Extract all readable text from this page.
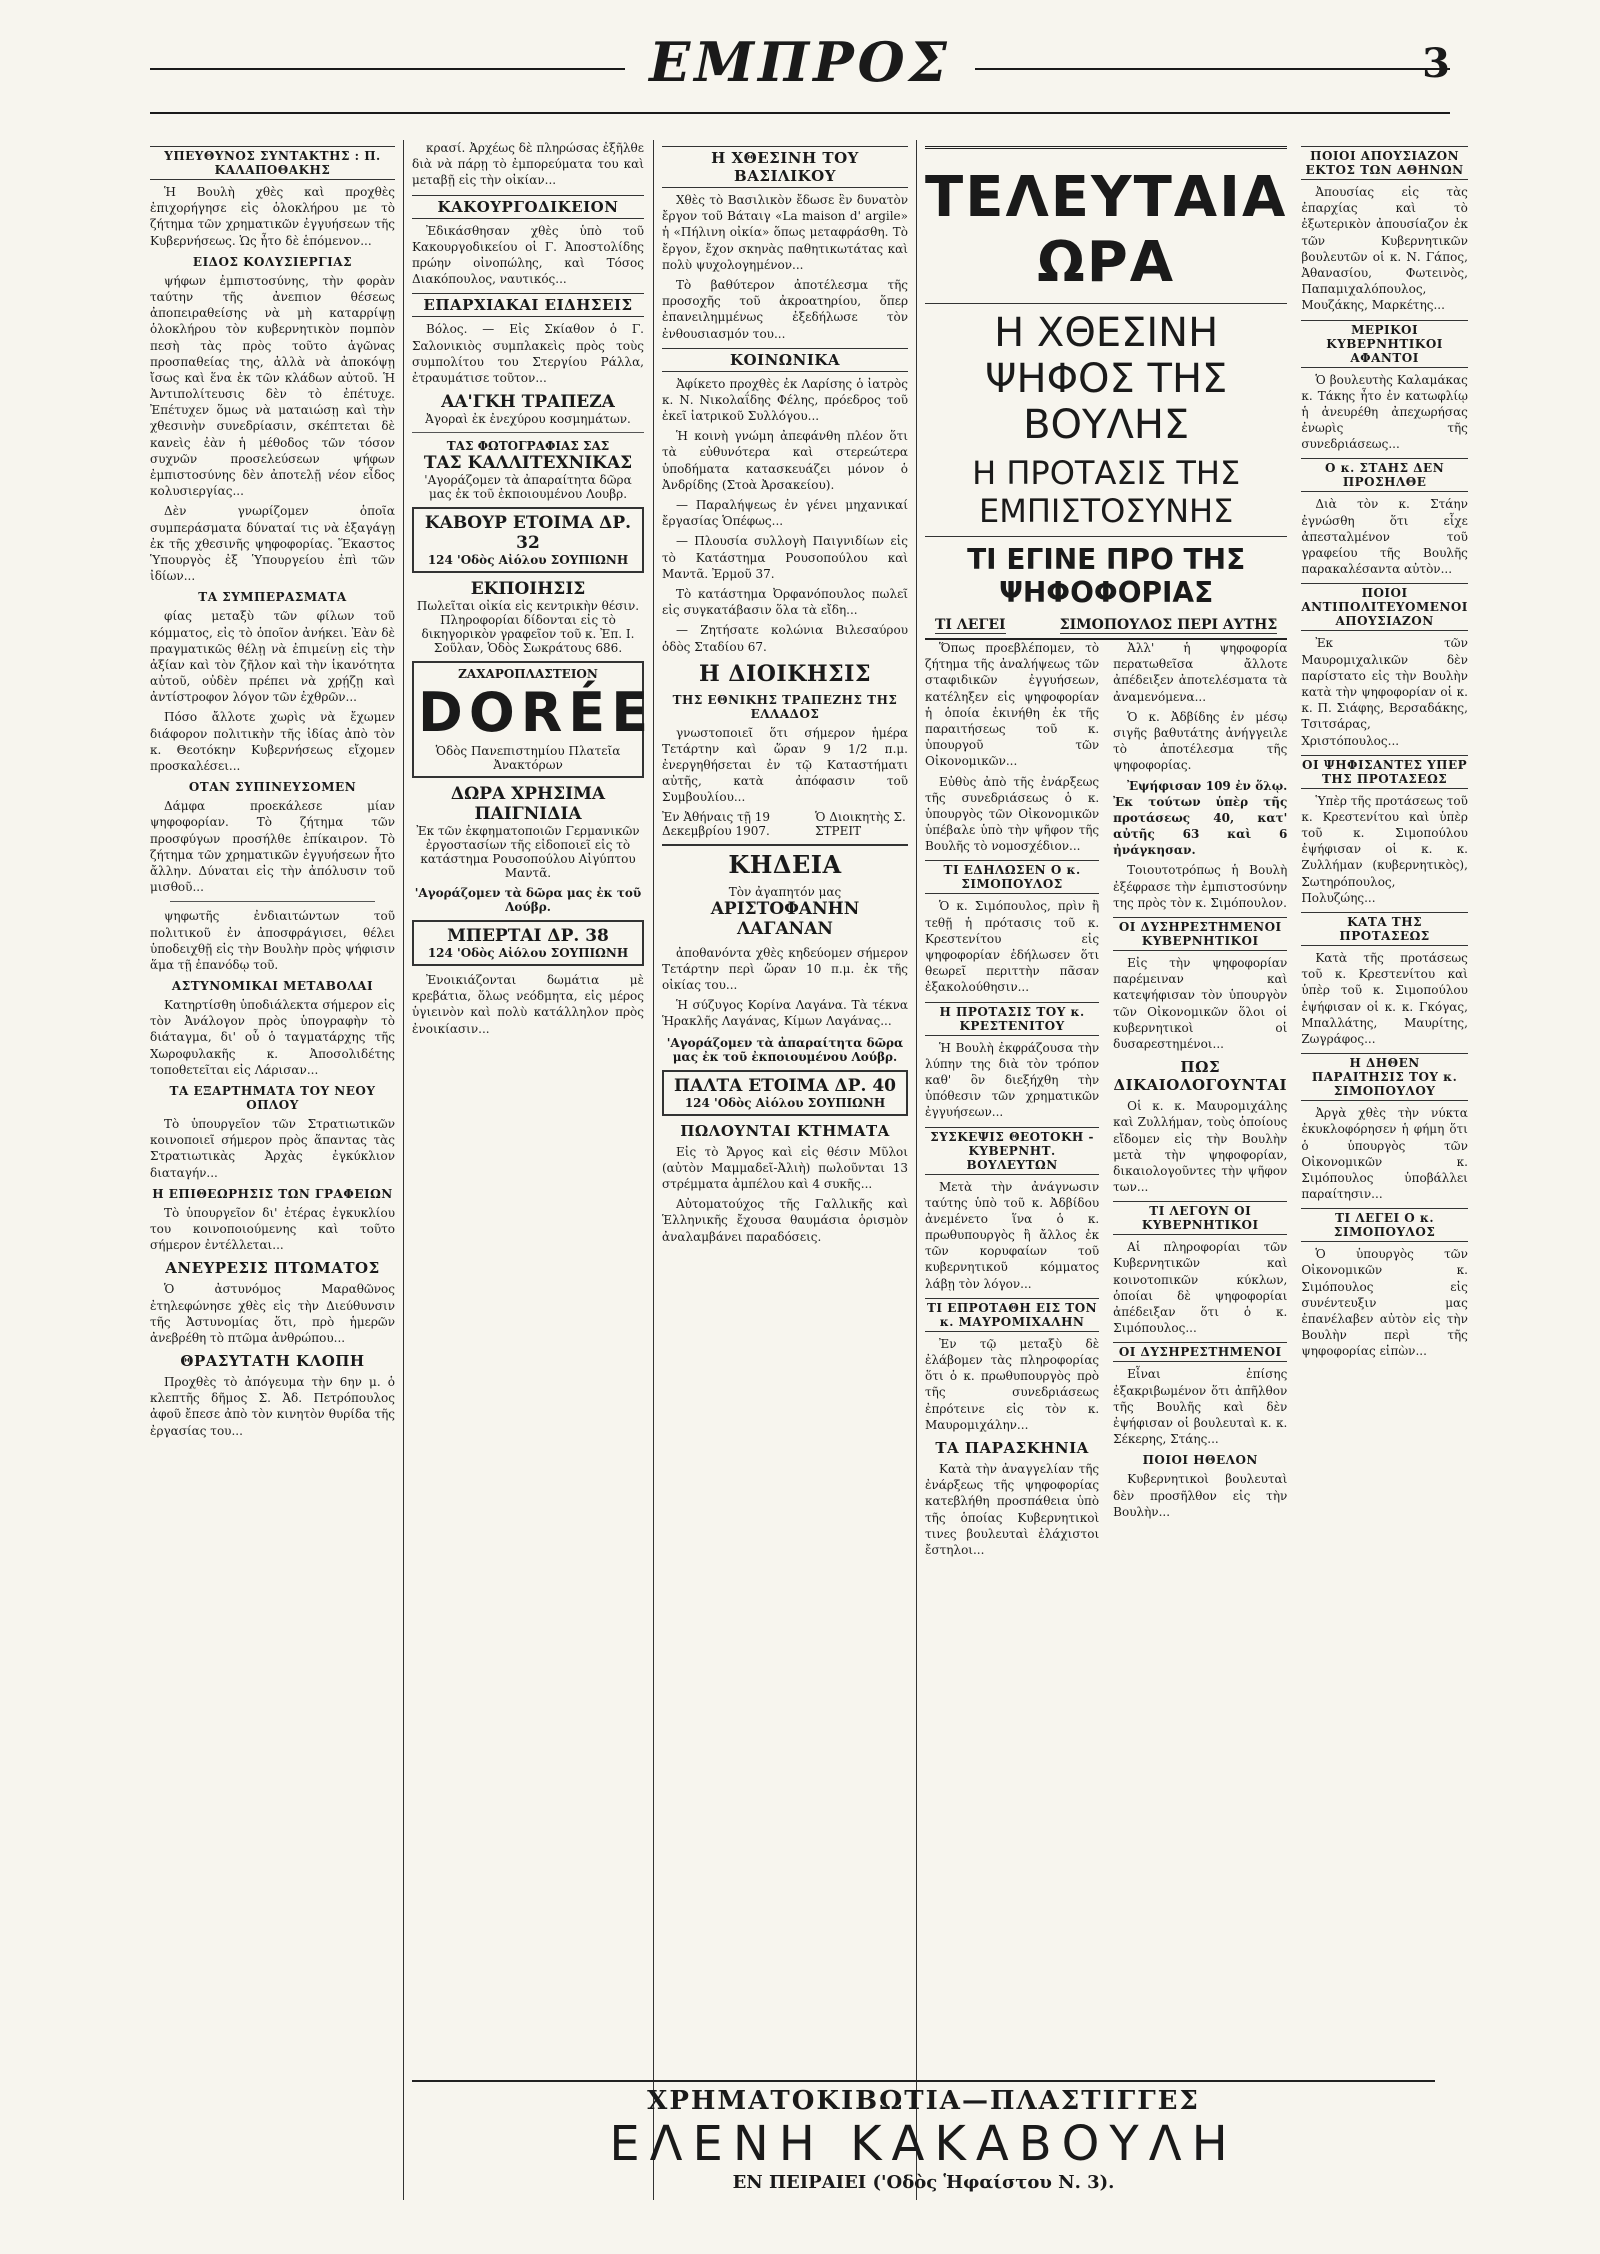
ΕΜΠΡΟΣ	3
ΥΠΕΥΘΥΝΟΣ ΣΥΝΤΑΚΤΗΣ : Π. ΚΑΛΑΠΟΘΑΚΗΣ

Ἡ Βουλὴ χθὲς καὶ προχθὲς ἐπιχορήγησε εἰς ὁλοκλήρου με τὸ ζήτημα τῶν χρηματικῶν ἐγγυήσεων τῆς Κυβερνήσεως. Ὡς ἦτο δὲ ἑπόμενον...

ΕΙΔΟΣ ΚΟΛΥΣΙΕΡΓΙΑΣ

ψήφων ἐμπιστοσύνης, τὴν φορὰν ταύτην τῆς ἀνεπιον θέσεως ἀποπειραθείσης νὰ μὴ καταρρίψῃ ὁλοκλήρου τὸν κυβερνητικὸν πομπὸν πεσὴ τὰς πρὸς τοῦτο ἀγῶνας προσπαθείας της, ἀλλὰ νὰ ἀποκόψῃ ἴσως καὶ ἕνα ἐκ τῶν κλάδων αὐτοῦ. Ἡ Ἀντιπολίτευσις δὲν τὸ ἐπέτυχε. Ἐπέτυχεν ὅμως νὰ ματαιώσῃ καὶ τὴν χθεσινὴν συνεδρίασιν, σκέπτεται δὲ κανεὶς ἐὰν ἡ μέθοδος τῶν τόσον συχνῶν προσελεύσεων ψήφων ἐμπιστοσύνης δὲν ἀποτελῇ νέον εἶδος κολυσιεργίας...

Δὲν γνωρίζομεν ὁποῖα συμπεράσματα δύναταί τις νὰ ἐξαγάγῃ ἐκ τῆς χθεσινῆς ψηφοφορίας. Ἕκαστος Ὑπουργὸς ἐξ Ὑπουργείου ἐπὶ τῶν ἰδίων...

ΤΑ ΣΥΜΠΕΡΑΣΜΑΤΑ

φίας μεταξὺ τῶν φίλων τοῦ κόμματος, εἰς τὸ ὁποῖον ἀνήκει. Ἐὰν δὲ πραγματικῶς θέλῃ νὰ ἐπιμείνῃ εἰς τὴν ἀξίαν καὶ τὸν ζῆλον καὶ τὴν ἱκανότητα αὐτοῦ, οὐδὲν πρέπει νὰ χρῄζῃ καὶ ἀντίστροφον λόγον τῶν ἐχθρῶν...

Πόσο ἄλλοτε χωρὶς νὰ ἔχωμεν διάφορον πολιτικὴν τῆς ἰδίας ἀπὸ τὸν κ. Θεοτόκην Κυβερνήσεως εἴχομεν προσκαλέσει...

ΟΤΑΝ ΣΥΠΙΝΕΥΣΟΜΕΝ

Δάμφα προεκάλεσε μίαν ψηφοφορίαν. Τὸ ζήτημα τῶν προσφύγων προσήλθε ἐπίκαιρον. Τὸ ζήτημα τῶν χρηματικῶν ἐγγυήσεων ἦτο ἄλλην. Δύναται εἰς τὴν ἀπόλυσιν τοῦ μισθοῦ...

ψηφωτῆς ἐνδιαιτώντων τοῦ πολιτικοῦ ἐν ἀποσφράγισει, θέλει ὑποδειχθῇ εἰς τὴν Βουλὴν πρὸς ψήφισιν ἅμα τῇ ἐπανόδῳ τοῦ.

ΑΣΤΥΝΟΜΙΚΑΙ ΜΕΤΑΒΟΛΑΙ

Κατηρτίσθη ὑποδιάλεκτα σήμερον εἰς τὸν Ἀνάλογον πρὸς ὑπογραφὴν τὸ διάταγμα, δι' οὗ ὁ ταγματάρχης τῆς Χωροφυλακῆς κ. Ἀποσολιδέτης τοποθετεῖται εἰς Λάρισαν...

ΤΑ ΕΞΑΡΤΗΜΑΤΑ ΤΟΥ ΝΕΟΥ ΟΠΛΟΥ

Τὸ ὑπουργεῖον τῶν Στρατιωτικῶν κοινοποιεῖ σήμερον πρὸς ἅπαντας τὰς Στρατιωτικὰς Ἀρχὰς ἐγκύκλιον διαταγήν...

Η ΕΠΙΘΕΩΡΗΣΙΣ ΤΩΝ ΓΡΑΦΕΙΩΝ

Τὸ ὑπουργεῖον δι' ἐτέρας ἐγκυκλίου του κοινοποιούμενης καὶ τοῦτο σήμερον ἐντέλλεται...

ΑΝΕΥΡΕΣΙΣ ΠΤΩΜΑΤΟΣ

Ὁ ἀστυνόμος Μαραθῶνος ἐτηλεφώνησε χθὲς εἰς τὴν Διεύθυνσιν τῆς Ἀστυνομίας ὅτι, πρὸ ἡμερῶν ἀνεβρέθη τὸ πτῶμα ἀνθρώπου...

ΘΡΑΣΥΤΑΤΗ ΚΛΟΠΗ

Προχθὲς τὸ ἀπόγευμα τὴν 6ην μ. ὁ κλεπτῆς δῆμος Σ. Ἀδ. Πετρόπουλος ἀφοῦ ἔπεσε ἀπὸ τὸν κινητὸν θυρίδα τῆς ἐργασίας του...

κρασί. Ἀρχέως δὲ πληρώσας ἐξῆλθε διὰ νὰ πάρῃ τὸ ἐμπορεύματα του καὶ μεταβῇ εἰς τὴν οἰκίαν...

ΚΑΚΟΥΡΓΟΔΙΚΕΙΟΝ

Ἐδικάσθησαν χθὲς ὑπὸ τοῦ Κακουργοδικείου οἱ Γ. Ἀποστολίδης πρώην οἰνοπώλης, καὶ Τόσος Διακόπουλος, ναυτικός...

ΕΠΑΡΧΙΑΚΑΙ ΕΙΔΗΣΕΙΣ

Βόλος. — Εἰς Σκίαθον ὁ Γ. Σαλονικιὸς συμπλακεὶς πρὸς τοὺς συμπολίτου του Στεργίου Ράλλα, ἐτραυμάτισε τοῦτον...

ΑΑ'ΓΚΗ ΤΡΑΠΕΖΑ
Ἀγοραὶ ἐκ ἐνεχύρου κοσμημάτων.
ΤΑΣ ΦΩΤΟΓΡΑΦΙΑΣ ΣΑΣ
ΤΑΣ ΚΑΛΛΙΤΕΧΝΙΚΑΣ
'Αγοράζομεν τὰ ἀπαραίτητα δῶρα μας ἐκ τοῦ ἐκποιουμένου Λουβρ.
ΚΑΒΟΥΡ ΕΤΟΙΜΑ ΔΡ. 32
124 'Οδὸς Αἰόλου ΣΟΥΠΙΩΝΗ
ΕΚΠΟΙΗΣΙΣ
Πωλεῖται οἰκία εἰς κεντρικὴν θέσιν. Πληροφορίαι δίδονται εἰς τὸ δικηγορικὸν γραφεῖον τοῦ κ. Ἐπ. I. Σοῦλαν, Ὁδὸς Σωκράτους 686.
ΖΑΧΑΡΟΠΛΑΣΤΕΙΟΝ
DORÉE
Ὁδὸς Πανεπιστημίου Πλατεῖα Ἀνακτόρων
ΔΩΡΑ ΧΡΗΣΙΜΑ
ΠΑΙΓΝΙΔΙΑ
Ἐκ τῶν ἐκφηματοποιῶν Γερμανικῶν ἐργοστασίων τῆς εἰδοποιεῖ εἰς τὸ κατάστημα Ρουσοπούλου Αἰγύπτου Μαντᾶ.
'Αγοράζομεν τὰ δῶρα μας ἐκ τοῦ Λούβρ.
ΜΠΕΡΤΑΙ ΔΡ. 38
124 'Οδὸς Αἰόλου ΣΟΥΠΙΩΝΗ

Ἐνοικιάζονται δωμάτια μὲ κρεβάτια, ὅλως νεόδμητα, εἰς μέρος ὑγιεινὸν καὶ πολὺ κατάλληλον πρὸς ἐνοικίασιν...

Η ΧΘΕΣΙΝΗ ΤΟΥ ΒΑΣΙΛΙΚΟΥ

Χθὲς τὸ Βασιλικὸν ἔδωσε ἓν δυνατὸν ἔργον τοῦ Βάταιγ «La maison d' argile» ἡ «Πήλινη οἰκία» ὅπως μεταφράσθη. Τὸ ἔργον, ἔχον σκηνὰς παθητικωτάτας καὶ πολὺ ψυχολογημένον...

Τὸ βαθύτερον ἀποτέλεσμα τῆς προσοχῆς τοῦ ἀκροατηρίου, ὅπερ ἐπανειλημμένως ἐξεδήλωσε τὸν ἐνθουσιασμόν του...

ΚΟΙΝΩΝΙΚΑ

Ἀφίκετο προχθὲς ἐκ Λαρίσης ὁ ἰατρὸς κ. Ν. Νικολαΐδης Φέλης, πρόεδρος τοῦ ἐκεῖ ἰατρικοῦ Συλλόγου...

Ἡ κοινὴ γνώμη ἀπεφάνθη πλέον ὅτι τὰ εὐθυνότερα καὶ στερεώτερα ὑποδήματα κατασκευάζει μόνον ὁ Ἀνδρίδης (Στοὰ Ἀρσακείου).

— Παραλήψεως ἐν γένει μηχανικαί ἔργασίας Ὁπέφως...

— Πλουσία συλλογὴ Παιγνιδίων εἰς τὸ Κατάστημα Ρουσοπούλου καὶ Μαντᾶ. Ἐρμοῦ 37.

Τὸ κατάστημα Ὀρφανόπουλος πωλεῖ εἰς συγκατάβασιν ὅλα τὰ εἴδη...

— Ζητήσατε κολώνια Βιλεσαύρου ὁδὸς Σταδίου 67.

Η ΔΙΟΙΚΗΣΙΣ
ΤΗΣ ΕΘΝΙΚΗΣ ΤΡΑΠΕΖΗΣ ΤΗΣ ΕΛΛΑΔΟΣ

γνωστοποιεῖ ὅτι σήμερον ἡμέρα Τετάρτην καὶ ὥραν 9 1/2 π.μ. ἐνεργηθήσεται ἐν τῷ Καταστήματι αὐτῆς, κατὰ ἀπόφασιν τοῦ Συμβουλίου...

Ἐν Ἀθήναις τῇ 19 Δεκεμβρίου 1907.
Ὁ Διοικητὴς Σ. ΣΤΡΕΙΤ
ΚΗΔΕΙΑ
Τὸν ἀγαπητόν μας
ΑΡΙΣΤΟΦΑΝΗΝ ΛΑΓΑΝΑΝ

ἀποθανόντα χθὲς κηδεύομεν σήμερον Τετάρτην περὶ ὥραν 10 π.μ. ἐκ τῆς οἰκίας του...

Ἡ σύζυγος Κορίνα Λαγάνα. Τὰ τέκνα Ἡρακλῆς Λαγάνας, Κίμων Λαγάνας...

'Αγοράζομεν τὰ ἀπαραίτητα δῶρα μας ἐκ τοῦ ἐκποιουμένου Λούβρ.
ΠΑΛΤΑ ΕΤΟΙΜΑ ΔΡ. 40
124 'Οδὸς Αἰόλου ΣΟΥΠΙΩΝΗ
ΠΩΛΟΥΝΤΑΙ ΚΤΗΜΑΤΑ

Εἰς τὸ Ἄργος καὶ εἰς θέσιν Μῦλοι (αὐτὸν Μαμμαδεῖ-Ἀλιὴ) πωλοῦνται 13 στρέμματα ἀμπέλου καὶ 4 συκῆς...

Αὐτοματούχος τῆς Γαλλικῆς καὶ Ἑλληνικῆς ἔχουσα θαυμάσια ὁρισμὸν ἀναλαμβάνει παραδόσεις.

ΤΕΛΕΥΤΑΙΑ ΩΡΑ
Η ΧΘΕΣΙΝΗ ΨΗΦΟΣ ΤΗΣ ΒΟΥΛΗΣ
Η ΠΡΟΤΑΣΙΣ ΤΗΣ ΕΜΠΙΣΤΟΣΥΝΗΣ
ΤΙ ΕΓΙΝΕ ΠΡΟ ΤΗΣ ΨΗΦΟΦΟΡΙΑΣ
ΤΙ ΛΕΓΕΙ	ΣΙΜΟΠΟΥΛΟΣ ΠΕΡΙ ΑΥΤΗΣ

Ὅπως προεβλέπομεν, τὸ ζήτημα τῆς ἀναλήψεως τῶν σταφιδικῶν ἐγγυήσεων, κατέληξεν εἰς ψηφοφορίαν ἡ ὁποία ἐκινήθη ἐκ τῆς παραιτήσεως τοῦ κ. ὑπουργοῦ τῶν Οἰκονομικῶν...

Εὐθὺς ἀπὸ τῆς ἐνάρξεως τῆς συνεδριάσεως ὁ κ. ὑπουργὸς τῶν Οἰκονομικῶν ὑπέβαλε ὑπὸ τὴν ψῆφον τῆς Βουλῆς τὸ νομοσχέδιον...

ΤΙ ΕΔΗΛΩΣΕΝ Ο κ. ΣΙΜΟΠΟΥΛΟΣ

Ὁ κ. Σιμόπουλος, πρὶν ἢ τεθῇ ἡ πρότασις τοῦ κ. Κρεστενίτου εἰς ψηφοφορίαν ἐδήλωσεν ὅτι θεωρεῖ περιττὴν πᾶσαν ἐξακολούθησιν...

Η ΠΡΟΤΑΣΙΣ ΤΟΥ κ. ΚΡΕΣΤΕΝΙΤΟΥ

Ἡ Βουλὴ ἐκφράζουσα τὴν λύπην της διὰ τὸν τρόπον καθ' ὃν διεξήχθη τὴν ὑπόθεσιν τῶν χρηματικῶν ἐγγυήσεων...

ΣΥΣΚΕΨΙΣ ΘΕΟΤΟΚΗ - ΚΥΒΕΡΝΗΤ. ΒΟΥΛΕΥΤΩΝ

Μετὰ τὴν ἀνάγνωσιν ταύτης ὑπὸ τοῦ κ. Ἀδβίδου ἀνεμένετο ἵνα ὁ κ. πρωθυπουργὸς ἢ ἄλλος ἐκ τῶν κορυφαίων τοῦ κυβερνητικοῦ κόμματος λάβῃ τὸν λόγον...

ΤΙ ΕΠΡΟΤΑΘΗ ΕΙΣ ΤΟΝ κ. ΜΑΥΡΟΜΙΧΑΛΗΝ

Ἐν τῷ μεταξὺ δὲ ἐλάβομεν τὰς πληροφορίας ὅτι ὁ κ. πρωθυπουργὸς πρὸ τῆς συνεδριάσεως ἐπρότεινε εἰς τὸν κ. Μαυρομιχάλην...

ΤΑ ΠΑΡΑΣΚΗΝΙΑ

Κατὰ τὴν ἀναγγελίαν τῆς ἐνάρξεως τῆς ψηφοφορίας κατεβλήθη προσπάθεια ὑπὸ τῆς ὁποίας Κυβερνητικοὶ τινες βουλευταὶ ἐλάχιστοι ἔστηλοι...

Ἀλλ' ἡ ψηφοφορία περατωθεῖσα ἄλλοτε ἀπέδειξεν ἀποτελέσματα τὰ ἀναμενόμενα...

Ὁ κ. Ἀδβίδης ἐν μέσῳ σιγῆς βαθυτάτης ἀνήγγειλε τὸ ἀποτέλεσμα τῆς ψηφοφορίας.

Ἐψήφισαν 109 ἐν ὅλῳ. Ἐκ τούτων ὑπὲρ τῆς προτάσεως 40, κατ' αὐτῆς 63 καὶ 6 ἠνάγκησαν.

Τοιουτοτρόπως ἡ Βουλὴ ἐξέφρασε τὴν ἐμπιστοσύνην της πρὸς τὸν κ. Σιμόπουλον.

ΟΙ ΔΥΣΗΡΕΣΤΗΜΕΝΟΙ ΚΥΒΕΡΝΗΤΙΚΟΙ

Εἰς τὴν ψηφοφορίαν παρέμειναν καὶ κατεψήφισαν τὸν ὑπουργὸν τῶν Οἰκονομικῶν ὅλοι οἱ κυβερνητικοὶ οἱ δυσαρεστημένοι...

ΠΩΣ ΔΙΚΑΙΟΛΟΓΟΥΝΤΑΙ

Οἱ κ. κ. Μαυρομιχάλης καὶ Ζυλλήμαν, τοὺς ὁποίους εἴδομεν εἰς τὴν Βουλὴν μετὰ τὴν ψηφοφορίαν, δικαιολογοῦντες τὴν ψῆφον των...

ΤΙ ΛΕΓΟΥΝ ΟΙ ΚΥΒΕΡΝΗΤΙΚΟΙ

Αἱ πληροφορίαι τῶν Κυβερνητικῶν καὶ κοινοτοπικῶν κύκλων, ὁποίαι δὲ ψηφοφορίαι ἀπέδειξαν ὅτι ὁ κ. Σιμόπουλος...

ΟΙ ΔΥΣΗΡΕΣΤΗΜΕΝΟΙ

Εἶναι ἐπίσης ἐξακριβωμένον ὅτι ἀπῆλθον τῆς Βουλῆς καὶ δὲν ἐψήφισαν οἱ βουλευταὶ κ. κ. Σέκερης, Στάης...

ΠΟΙΟΙ ΗΘΕΛΟΝ

Κυβερνητικοὶ βουλευταὶ δὲν προσῆλθον εἰς τὴν Βουλὴν...

ΠΟΙΟΙ ΑΠΟΥΣΙΑΖΟΝ ΕΚΤΟΣ ΤΩΝ ΑΘΗΝΩΝ

Ἀπουσίας εἰς τὰς ἐπαρχίας καὶ τὸ ἐξωτερικὸν ἀπουσίαζον ἐκ τῶν Κυβερνητικῶν βουλευτῶν οἱ κ. Ν. Γάπος, Ἀθανασίου, Φωτεινὸς, Παπαμιχαλόπουλος, Μουζάκης, Μαρκέτης...

ΜΕΡΙΚΟΙ ΚΥΒΕΡΝΗΤΙΚΟΙ ΑΦΑΝΤΟΙ

Ὁ βουλευτὴς Καλαμάκας κ. Τάκης ἦτο ἐν κατωφλίῳ ἡ ἀνευρέθη ἀπεχωρήσας ἐνωρὶς τῆς συνεδριάσεως...

Ο κ. ΣΤΑΗΣ ΔΕΝ ΠΡΟΣΗΛΘΕ

Διὰ τὸν κ. Στάην ἐγνώσθη ὅτι εἶχε ἀπεσταλμένον τοῦ γραφείου τῆς Βουλῆς παρακαλέσαντα αὐτὸν...

ΠΟΙΟΙ ΑΝΤΙΠΟΛΙΤΕΥΟΜΕΝΟΙ ΑΠΟΥΣΙΑΖΟΝ

Ἐκ τῶν Μαυρομιχαλικῶν δὲν παρίστατο εἰς τὴν Βουλὴν κατὰ τὴν ψηφοφορίαν οἱ κ. κ. Π. Σιάφης, Βερσαδάκης, Τσιτσάρας, Χριστόπουλος...

ΟΙ ΨΗΦΙΣΑΝΤΕΣ ΥΠΕΡ ΤΗΣ ΠΡΟΤΑΣΕΩΣ

Ὑπὲρ τῆς προτάσεως τοῦ κ. Κρεστενίτου καὶ ὑπὲρ τοῦ κ. Σιμοπούλου ἐψήφισαν οἱ κ. κ. Ζυλλήμαν (κυβερνητικὸς), Σωτηρόπουλος, Πολυζώης...

ΚΑΤΑ ΤΗΣ ΠΡΟΤΑΣΕΩΣ

Κατὰ τῆς προτάσεως τοῦ κ. Κρεστενίτου καὶ ὑπὲρ τοῦ κ. Σιμοπούλου ἐψήφισαν οἱ κ. κ. Γκόγας, Μπαλλάτης, Μαυρίτης, Ζωγράφος...

Η ΔΗΘΕΝ ΠΑΡΑΙΤΗΣΙΣ ΤΟΥ κ. ΣΙΜΟΠΟΥΛΟΥ

Ἀργὰ χθὲς τὴν νύκτα ἐκυκλοφόρησεν ἡ φήμη ὅτι ὁ ὑπουργὸς τῶν Οἰκονομικῶν κ. Σιμόπουλος ὑποβάλλει παραίτησιν...

ΤΙ ΛΕΓΕΙ Ο κ. ΣΙΜΟΠΟΥΛΟΣ

Ὁ ὑπουργὸς τῶν Οἰκονομικῶν κ. Σιμόπουλος εἰς συνέντευξιν μας ἐπανέλαβεν αὐτὸν εἰς τὴν Βουλὴν περὶ τῆς ψηφοφορίας εἰπὼν...

ΧΡΗΜΑΤΟΚΙΒΩΤΙΑ—ΠΛΑΣΤΙΓΓΕΣ
ΕΛΕΝΗ ΚΑΚΑΒΟΥΛΗ
ΕΝ ΠΕΙΡΑΙΕΙ ('Οδὸς Ἡφαίστου Ν. 3).
